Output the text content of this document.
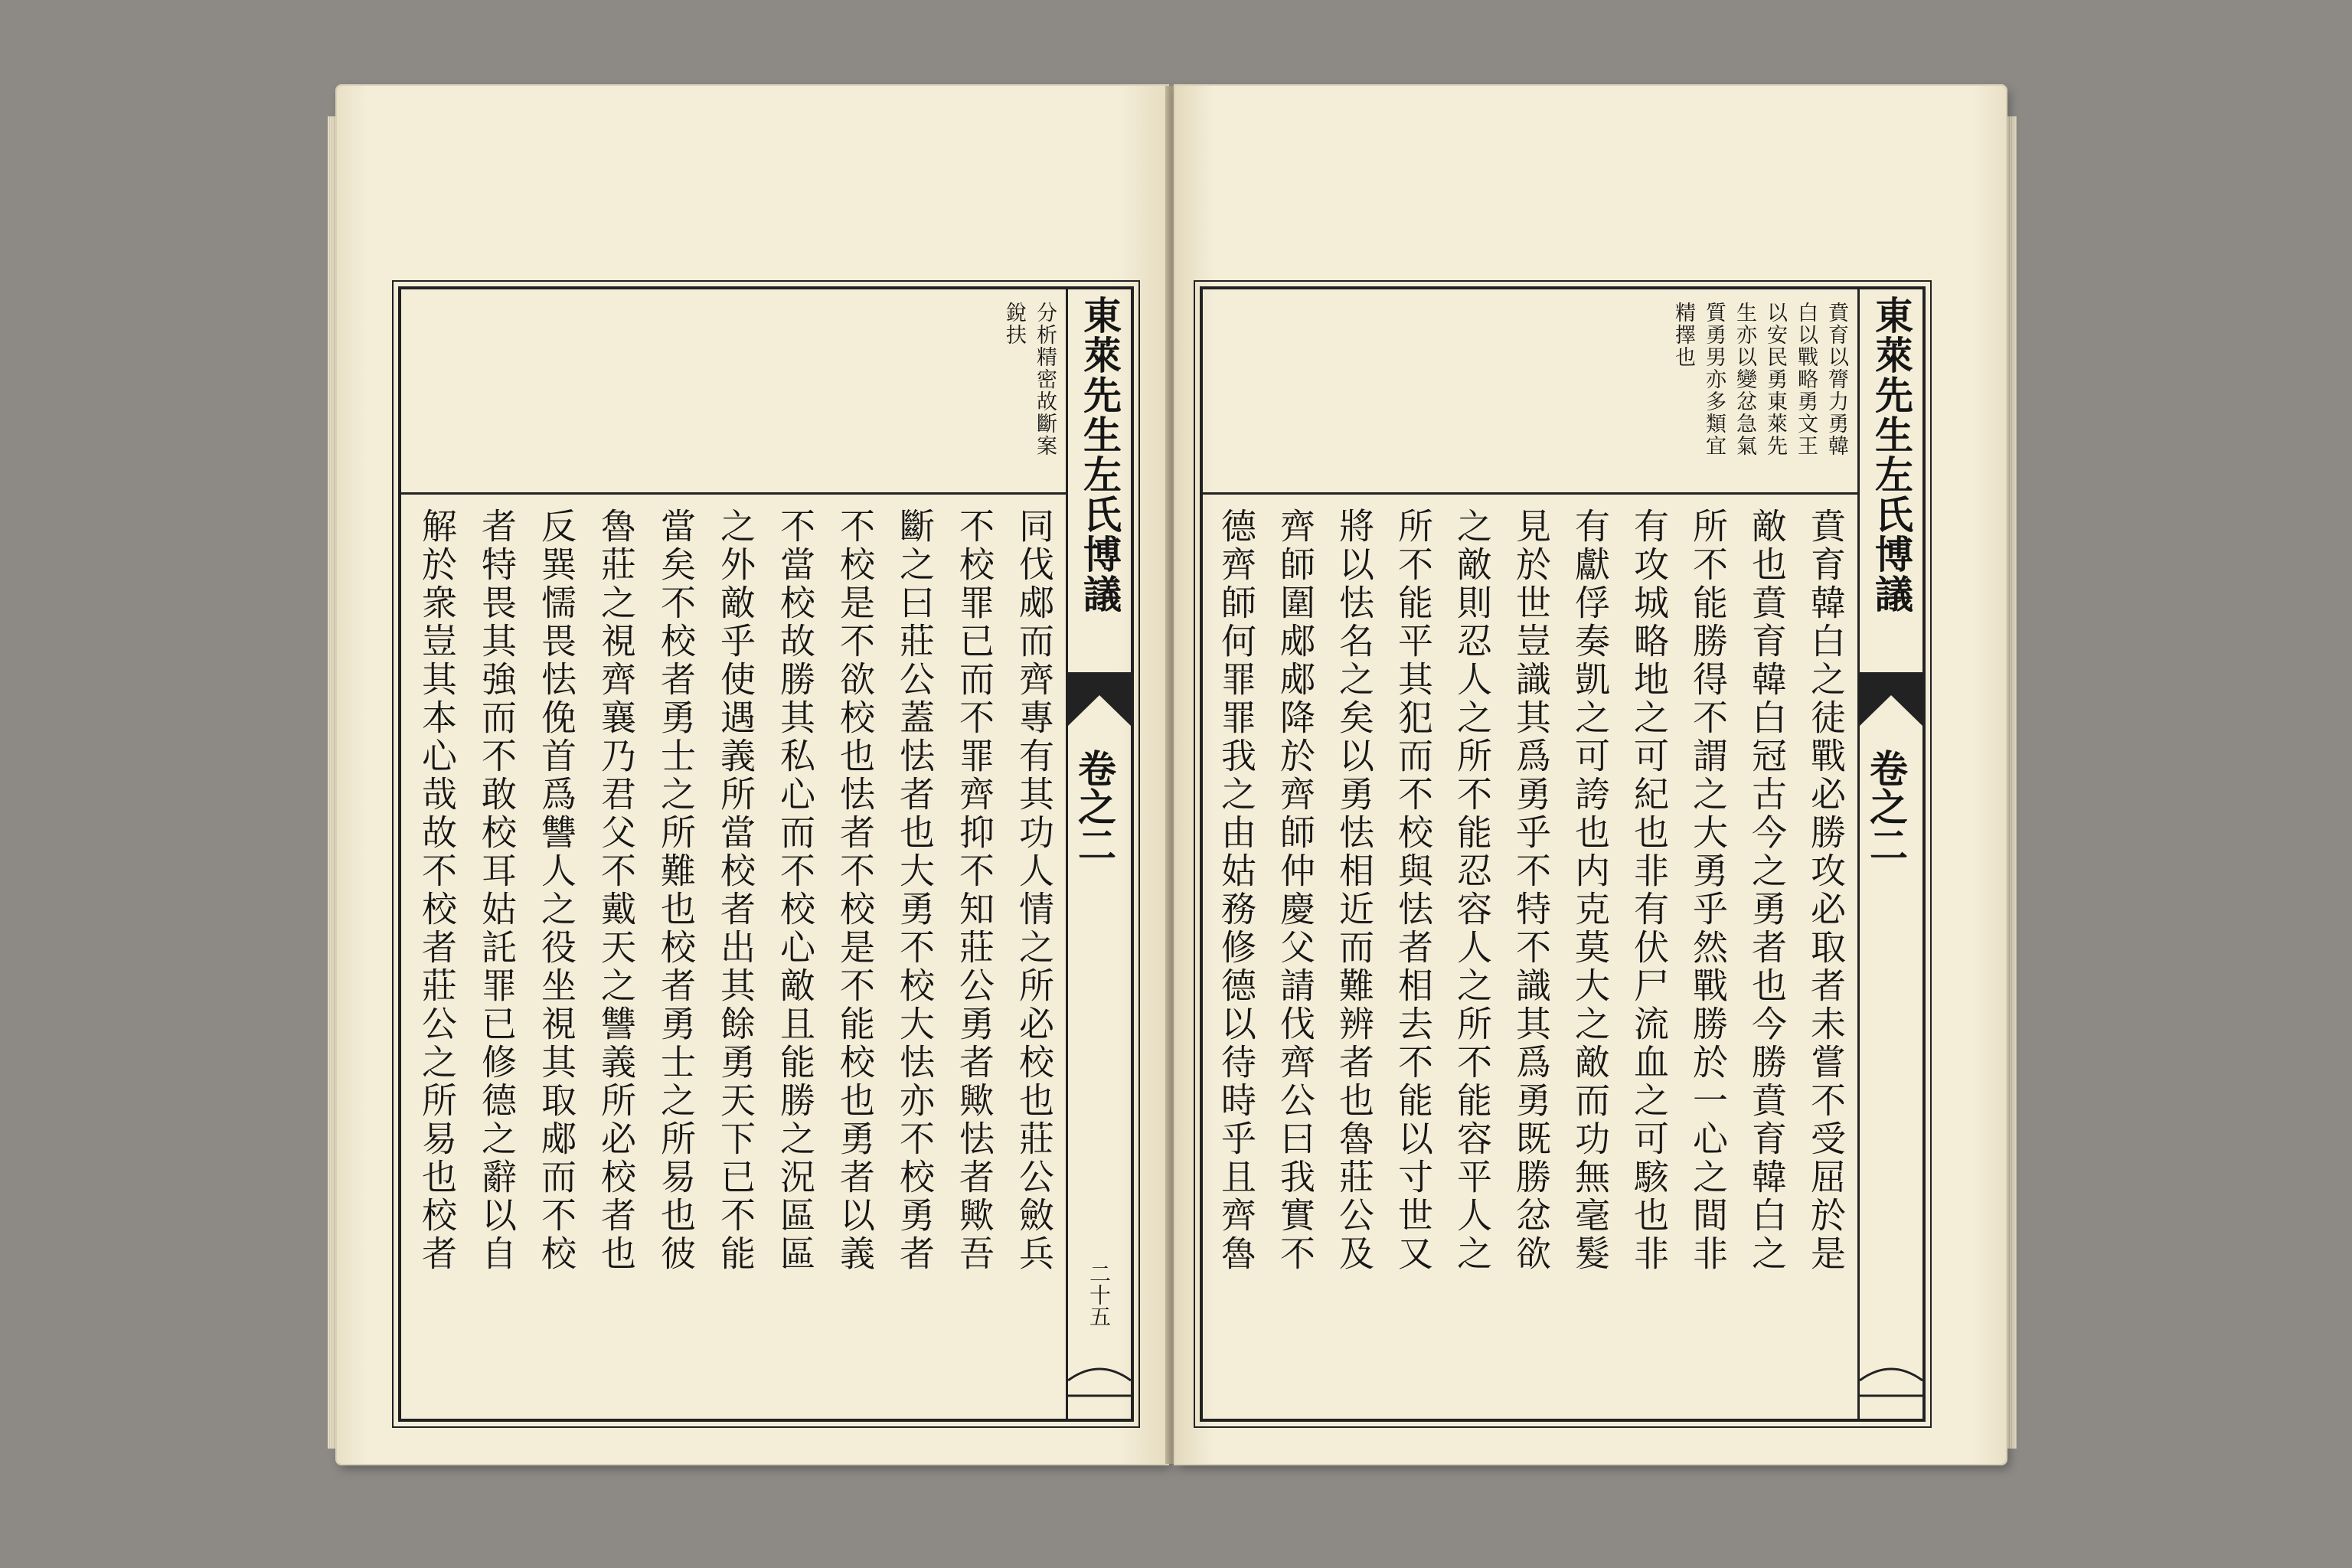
東萊先生左氏博議
卷之二
二十五
分析精密故斷案
銳扶
同伐郕而齊專有其功人情之所必校也莊公斂兵
不校罪已而不罪齊抑不知莊公勇者歟怯者歟吾
斷之曰莊公蓋怯者也大勇不校大怯亦不校勇者
不校是不欲校也怯者不校是不能校也勇者以義
不當校故勝其私心而不校心敵且能勝之況區區
之外敵乎使遇義所當校者出其餘勇天下已不能
當矣不校者勇士之所難也校者勇士之所易也彼
魯莊之視齊襄乃君父不戴天之讐義所必校者也
反巽懦畏怯俛首爲讐人之役坐視其取郕而不校
者特畏其強而不敢校耳姑託罪已修德之辭以自
解於衆豈其本心哉故不校者莊公之所易也校者
東萊先生左氏博議
卷之二
賁育以膂力勇韓
白以戰略勇文王
以安民勇東萊先
生亦以變忿急氣
質勇男亦多類宜
精擇也
賁育韓白之徒戰必勝攻必取者未嘗不受屈於是
敵也賁育韓白冠古今之勇者也今勝賁育韓白之
所不能勝得不謂之大勇乎然戰勝於一心之間非
有攻城略地之可紀也非有伏尸流血之可駭也非
有獻俘奏凱之可誇也内克莫大之敵而功無毫髮
見於世豈識其爲勇乎不特不識其爲勇既勝忿欲
之敵則忍人之所不能忍容人之所不能容平人之
所不能平其犯而不校與怯者相去不能以寸世又
將以怯名之矣以勇怯相近而難辨者也魯莊公及
齊師圍郕郕降於齊師仲慶父請伐齊公曰我實不
德齊師何罪罪我之由姑務修德以待時乎且齊魯
